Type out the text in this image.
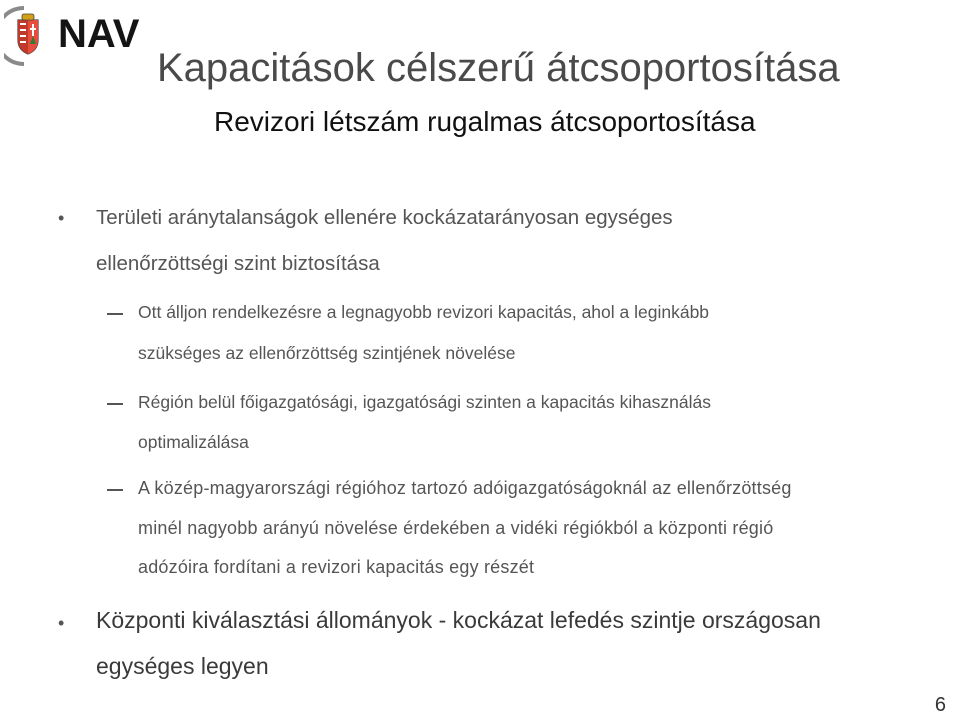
NAV
Kapacitások célszerű átcsoportosítása
Revizori létszám rugalmas átcsoportosítása
• Területi aránytalanságok ellenére kockázatarányosan egységes
ellenőrzöttségi szint biztosítása
Ott álljon rendelkezésre a legnagyobb revizori kapacitás, ahol a leginkább
szükséges az ellenőrzöttség szintjének növelése
Régión belül főigazgatósági, igazgatósági szinten a kapacitás kihasználás
optimalizálása
A közép-magyarországi régióhoz tartozó adóigazgatóságoknál az ellenőrzöttség
minél nagyobb arányú növelése érdekében a vidéki régiókból a központi régió
adózóira fordítani a revizori kapacitás egy részét
• Központi kiválasztási állományok - kockázat lefedés szintje országosan
egységes legyen
6
